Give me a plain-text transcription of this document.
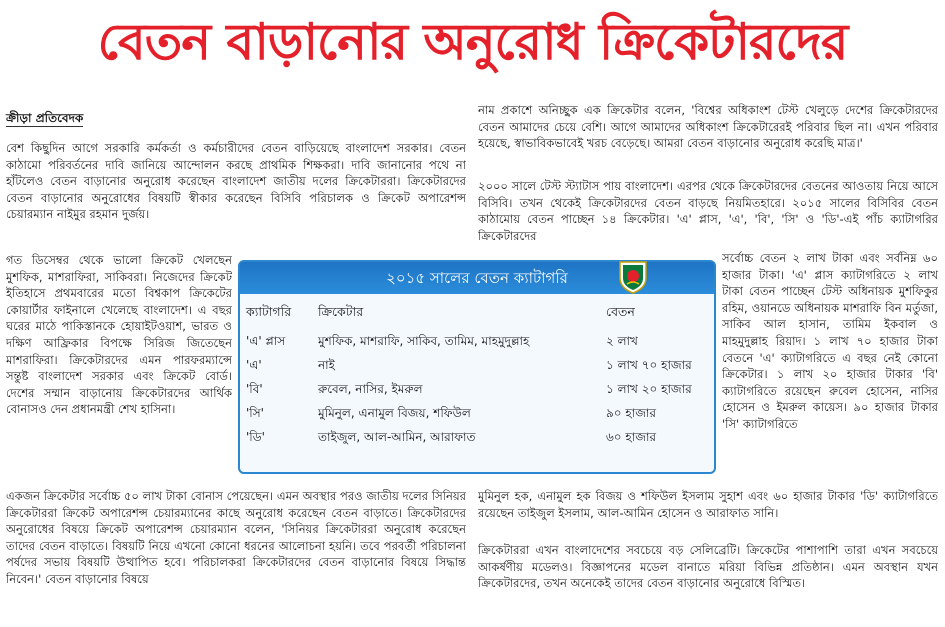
বেতন বাড়ানোর অনুরোধ ক্রিকেটারদের
ক্রীড়া প্রতিবেদক

বেশ কিছুদিন আগে সরকারি কর্মকর্তা ও কর্মচারীদের বেতন বাড়িয়েছে বাংলাদেশ সরকার। বেতন কাঠামো পরিবর্তনের দাবি জানিয়ে আন্দোলন করছে প্রাথমিক শিক্ষকরা। দাবি জানানোর পথে না হাঁটলেও বেতন বাড়ানোর অনুরোধ করেছেন বাংলাদেশ জাতীয় দলের ক্রিকেটাররা। ক্রিকেটারদের বেতন বাড়ানোর অনুরোধের বিষয়টি স্বীকার করেছেন বিসিবি পরিচালক ও ক্রিকেট অপারেশন্স চেয়ারম্যান নাইমুর রহমান দুর্জয়।

গত ডিসেম্বর থেকে ভালো ক্রিকেট খেলছেন মুশফিক, মাশরাফিরা, সাকিবরা। নিজেদের ক্রিকেট ইতিহাসে প্রথমবারের মতো বিশ্বকাপ ক্রিকেটের কোয়ার্টার ফাইনালে খেলেছে বাংলাদেশ। এ বছর ঘরের মাঠে পাকিস্তানকে হোয়াইটওয়াশ, ভারত ও দক্ষিণ আফ্রিকার বিপক্ষে সিরিজ জিতেছেন মাশরাফিরা। ক্রিকেটারদের এমন পারফরম্যান্সে সন্তুষ্ট বাংলাদেশ সরকার এবং ক্রিকেট বোর্ড। দেশের সম্মান বাড়ানোয় ক্রিকেটারদের আর্থিক বোনাসও দেন প্রধানমন্ত্রী শেখ হাসিনা।

একজন ক্রিকেটার সর্বোচ্চ ৫০ লাখ টাকা বোনাস পেয়েছেন। এমন অবস্থার পরও জাতীয় দলের সিনিয়র ক্রিকেটাররা ক্রিকেট অপারেশন্স চেয়ারম্যানের কাছে অনুরোধ করেছেন বেতন বাড়াতে। ক্রিকেটারদের অনুরোধের বিষয়ে ক্রিকেট অপারেশন্স চেয়ারম্যান বলেন, 'সিনিয়র ক্রিকেটাররা অনুরোধ করেছেন তাদের বেতন বাড়াতে। বিষয়টি নিয়ে এখনো কোনো ধরনের আলোচনা হয়নি। তবে পরবর্তী পরিচালনা পর্ষদের সভায় বিষয়টি উত্থাপিত হবে। পরিচালকরা ক্রিকেটারদের বেতন বাড়ানোর বিষয়ে সিদ্ধান্ত নিবেন।' বেতন বাড়ানোর বিষয়ে

নাম প্রকাশে অনিচ্ছুক এক ক্রিকেটার বলেন, 'বিশ্বের অধিকাংশ টেস্ট খেলুড়ে দেশের ক্রিকেটারদের বেতন আমাদের চেয়ে বেশি। আগে আমাদের অধিকাংশ ক্রিকেটারেরই পরিবার ছিল না। এখন পরিবার হয়েছে, স্বাভাবিকভাবেই খরচ বেড়েছে। আমরা বেতন বাড়ানোর অনুরোধ করেছি মাত্র।'

২০০০ সালে টেস্ট স্ট্যাটাস পায় বাংলাদেশ। এরপর থেকে ক্রিকেটারদের বেতনের আওতায় নিয়ে আসে বিসিবি। তখন থেকেই ক্রিকেটারদের বেতন বাড়ছে নিয়মিতহারে। ২০১৫ সালের বিসিবির বেতন কাঠামোয় বেতন পাচ্ছেন ১৪ ক্রিকেটার। 'এ' প্লাস, 'এ', 'বি', 'সি' ও 'ডি'-এই পাঁচ ক্যাটাগরির ক্রিকেটারদের

সর্বোচ্চ বেতন ২ লাখ টাকা এবং সর্বনিম্ন ৬০ হাজার টাকা। 'এ' প্লাস ক্যাটাগরিতে ২ লাখ টাকা বেতন পাচ্ছেন টেস্ট অধিনায়ক মুশফিকুর রহিম, ওয়ানডে অধিনায়ক মাশরাফি বিন মর্তুজা, সাকিব আল হাসান, তামিম ইকবাল ও মাহমুদুল্লাহ রিয়াদ। ১ লাখ ৭০ হাজার টাকা বেতনে 'এ' ক্যাটাগরিতে এ বছর নেই কোনো ক্রিকেটার। ১ লাখ ২০ হাজার টাকার 'বি' ক্যাটাগরিতে রয়েছেন রুবেল হোসেন, নাসির হোসেন ও ইমরুল কায়েস। ৯০ হাজার টাকার 'সি' ক্যাটাগরিতে

মুমিনুল হক, এনামুল হক বিজয় ও শফিউল ইসলাম সুহাশ এবং ৬০ হাজার টাকার 'ডি' ক্যাটাগরিতে রয়েছেন তাইজুল ইসলাম, আল-আমিন হোসেন ও আরাফাত সানি।

ক্রিকেটাররা এখন বাংলাদেশের সবচেয়ে বড় সেলিব্রেটি। ক্রিকেটের পাশাপাশি তারা এখন সবচেয়ে আকর্ষণীয় মডেলও। বিজ্ঞাপনের মডেল বানাতে মরিয়া বিভিন্ন প্রতিষ্ঠান। এমন অবস্থান যখন ক্রিকেটারদের, তখন অনেকেই তাদের বেতন বাড়ানোর অনুরোধে বিস্মিত।

২০১৫ সালের বেতন ক্যাটাগরি
ক্যাটাগরি	ক্রিকেটার	বেতন
'এ' প্লাস	মুশফিক, মাশরাফি, সাকিব, তামিম, মাহমুদুল্লাহ	২ লাখ
'এ'	নাই	১ লাখ ৭০ হাজার
'বি'	রুবেল, নাসির, ইমরুল	১ লাখ ২০ হাজার
'সি'	মুমিনুল, এনামুল বিজয়, শফিউল	৯০ হাজার
'ডি'	তাইজুল, আল-আমিন, আরাফাত	৬০ হাজার
